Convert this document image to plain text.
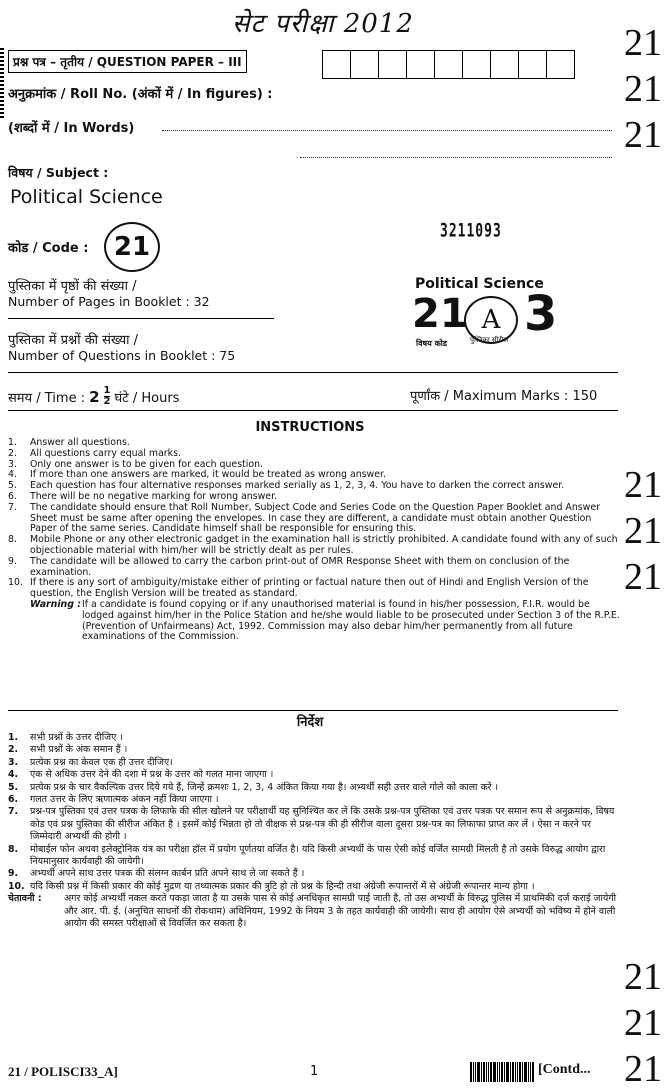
सेट परीक्षा 2012	21
21
21
21
21
21
21
21
21
प्रश्न पत्र – तृतीय / QUESTION PAPER – III
अनुक्रमांक / Roll No. (अंकों में / In figures) :
(शब्दों में / In Words)
विषय / Subject :
Political Science
कोड / Code : 21
पुस्तिका में पृष्ठों की संख्या /
Number of Pages in Booklet : 32
पुस्तिका में प्रश्नों की संख्या /
Number of Questions in Booklet : 75
3211093
Political Science
21 A
पुस्तिका सीरीज
विषय कोड
3
समय / Time : $2 \frac{1}{2}$ घंटे / Hours	पूर्णांक / Maximum Marks : 150
INSTRUCTIONS
1.	Answer all questions.
2.	All questions carry equal marks.
3.	Only one answer is to be given for each question.
4.	If more than one answers are marked, it would be treated as wrong answer.
5.	Each question has four alternative responses marked serially as 1, 2, 3, 4. You have to darken the correct answer.
6.	There will be no negative marking for wrong answer.
7.	The candidate should ensure that Roll Number, Subject Code and Series Code on the Question Paper Booklet and Answer Sheet must be same after opening the envelopes. In case they are different, a candidate must obtain another Question Paper of the same series. Candidate himself shall be responsible for ensuring this.
8.	Mobile Phone or any other electronic gadget in the examination hall is strictly prohibited. A candidate found with any of such objectionable material with him/her will be strictly dealt as per rules.
9.	The candidate will be allowed to carry the carbon print-out of OMR Response Sheet with them on conclusion of the examination.
10. If there is any sort of ambiguity/mistake either of printing or factual nature then out of Hindi and English Version of the question, the English Version will be treated as standard.
Warning : If a candidate is found copying or if any unauthorised material is found in his/her possession, F.I.R. would be lodged against him/her in the Police Station and he/she would liable to be prosecuted under Section 3 of the R.P.E. (Prevention of Unfairmeans) Act, 1992. Commission may also debar him/her permanently from all future examinations of the Commission.
निर्देश
1.	सभी प्रश्नों के उत्तर दीजिए ।
2.	सभी प्रश्नों के अंक समान हैं ।
3.	प्रत्येक प्रश्न का केवल एक ही उत्तर दीजिए।
4.	एक से अधिक उत्तर देने की दशा में प्रश्न के उत्तर को गलत माना जाएगा ।
5.	प्रत्येक प्रश्न के चार वैकल्पिक उत्तर दिये गये हैं, जिन्हें क्रमशः 1, 2, 3, 4 अंकित किया गया है। अभ्यर्थी सही उत्तर वाले गोले को काला करें ।
6.	गलत उत्तर के लिए ऋणात्मक अंकन नहीं किया जाएगा ।
7.	प्रश्न-पत्र पुस्तिका एवं उत्तर पत्रक के लिफाफे की सील खोलने पर परीक्षार्थी यह सुनिश्चित कर लें कि उसके प्रश्न-पत्र पुस्तिका एवं उत्तर पत्रक पर समान रूप से अनुक्रमांक, विषय कोड एवं प्रश्न पुस्तिका की सीरीज अंकित है । इसमें कोई भिन्नता हो तो वीक्षक से प्रश्न-पत्र की ही सीरीज वाला दूसरा प्रश्न-पत्र का लिफाफा प्राप्त कर लें । ऐसा न करने पर जिम्मेदारी अभ्यर्थी की होगी ।
8.	मोबाईल फोन अथवा इलेक्ट्रोनिक यंत्र का परीक्षा हॉल में प्रयोग पूर्णतया वर्जित है। यदि किसी अभ्यर्थी के पास ऐसी कोई वर्जित सामग्री मिलती है तो उसके विरुद्ध आयोग द्वारा नियमानुसार कार्यवाही की जायेगी।
9.	अभ्यर्थी अपने साथ उत्तर पत्रक की संलग्न कार्बन प्रति अपने साथ ले जा सकते हैं ।
10. यदि किसी प्रश्न में किसी प्रकार की कोई मुद्रण या तथ्यात्मक प्रकार की त्रुटि हो तो प्रश्न के हिन्दी तथा अंग्रेजी रूपान्तरों में से अंग्रेजी रूपान्तर मान्य होगा ।
चेतावनी :	अगर कोई अभ्यर्थी नकल करते पकड़ा जाता है या उसके पास से कोई अनधिकृत सामग्री पाई जाती है, तो उस अभ्यर्थी के विरुद्ध पुलिस में प्राथमिकी दर्ज कराई जायेगी और आर. पी. ई. (अनुचित साधनों की रोकथाम) अधिनियम, 1992 के नियम 3 के तहत कार्यवाही की जायेगी। साथ ही आयोग ऐसे अभ्यर्थी को भविष्य में होने वाली आयोग की समस्त परीक्षाओं से विवर्जित कर सकता है।
21 / POLISCI33_A]	1	[Contd...
